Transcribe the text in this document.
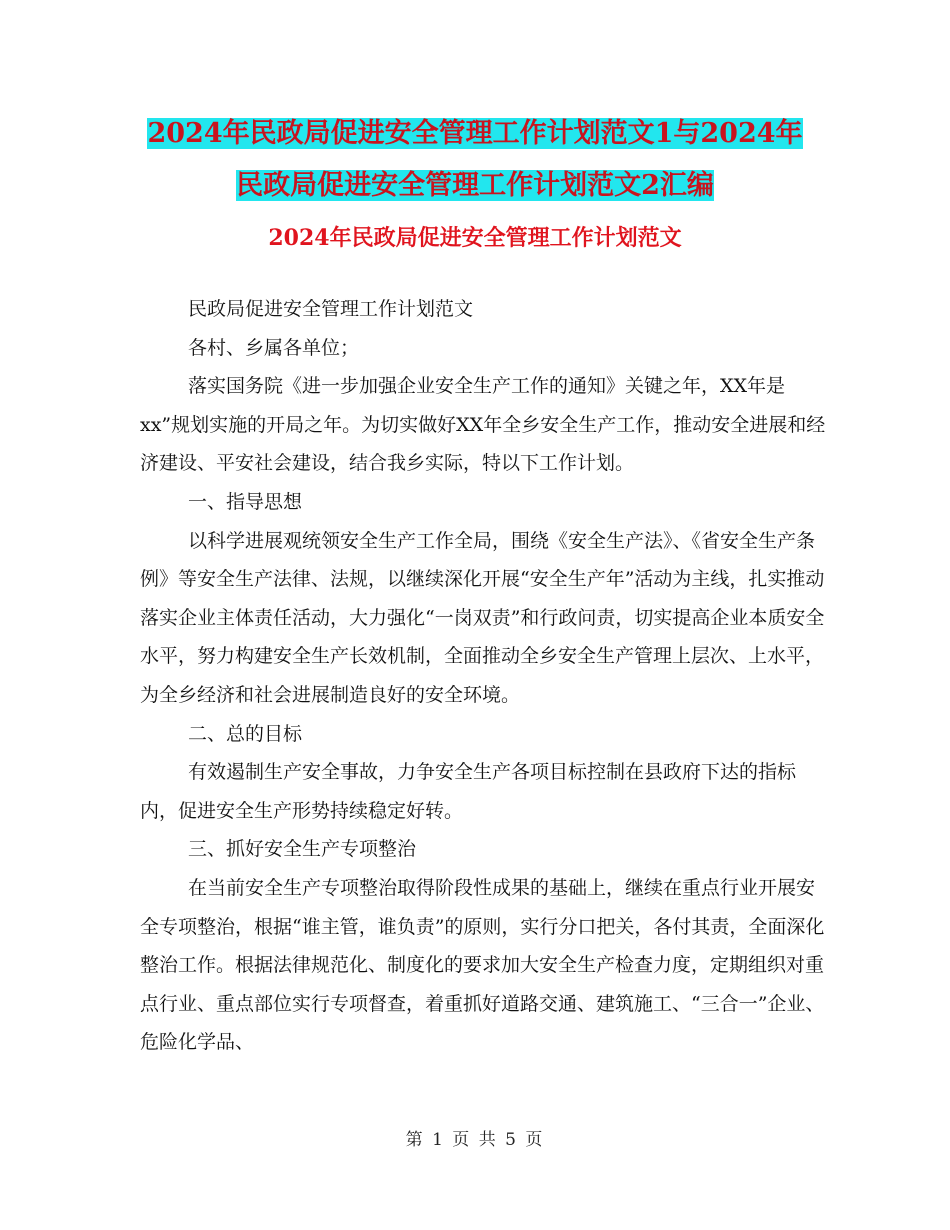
2024年民政局促进安全管理工作计划范文1与2024年
民政局促进安全管理工作计划范文2汇编
2024年民政局促进安全管理工作计划范文

民政局促进安全管理工作计划范文

各村、乡属各单位；

落实国务院《进一步加强企业安全生产工作的通知》关键之年，XX年是xx”规划实施的开局之年。为切实做好XX年全乡安全生产工作，推动安全进展和经济建设、平安社会建设，结合我乡实际，特以下工作计划。

一、指导思想

以科学进展观统领安全生产工作全局，围绕《安全生产法》、《省安全生产条例》等安全生产法律、法规，以继续深化开展“安全生产年”活动为主线，扎实推动落实企业主体责任活动，大力强化“一岗双责”和行政问责，切实提高企业本质安全水平，努力构建安全生产长效机制，全面推动全乡安全生产管理上层次、上水平，为全乡经济和社会进展制造良好的安全环境。

二、总的目标

有效遏制生产安全事故，力争安全生产各项目标控制在县政府下达的指标内，促进安全生产形势持续稳定好转。

三、抓好安全生产专项整治

在当前安全生产专项整治取得阶段性成果的基础上，继续在重点行业开展安全专项整治，根据“谁主管，谁负责”的原则，实行分口把关，各付其责，全面深化整治工作。根据法律规范化、制度化的要求加大安全生产检查力度，定期组织对重点行业、重点部位实行专项督查，着重抓好道路交通、建筑施工、“三合一”企业、危险化学品、

第 1 页 共 5 页
